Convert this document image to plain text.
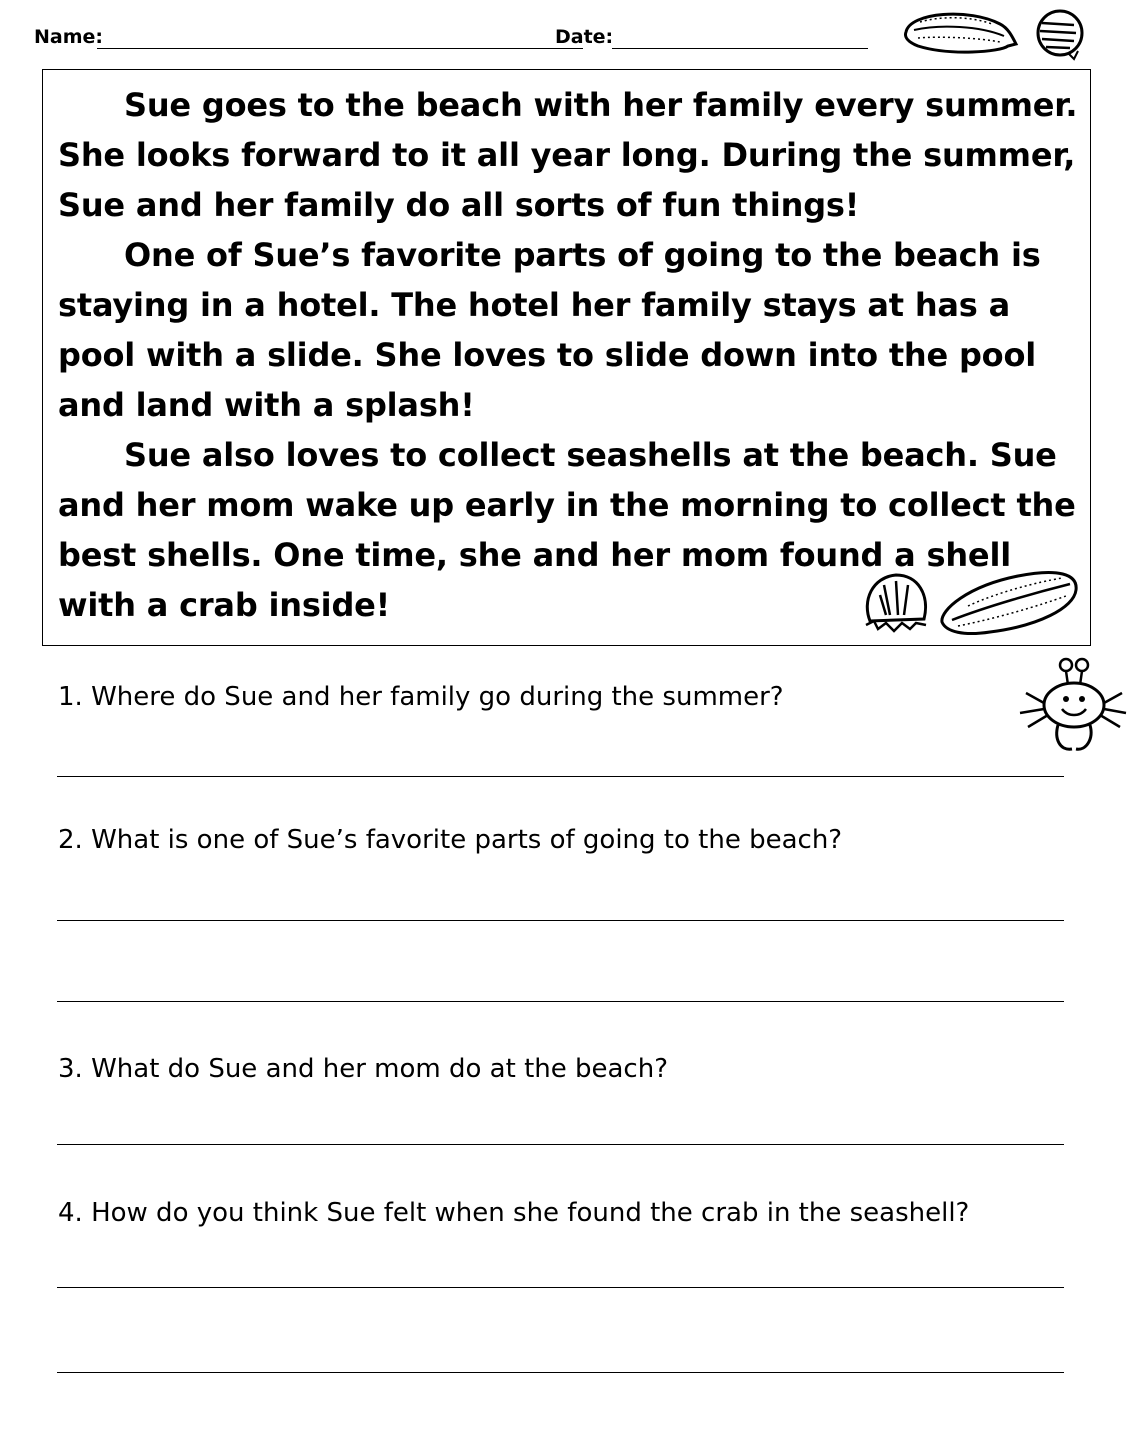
Name:	Date:

Sue goes to the beach with her family every summer. She looks forward to it all year long. During the summer, Sue and her family do all sorts of fun things!

One of Sue’s favorite parts of going to the beach is staying in a hotel. The hotel her family stays at has a pool with a slide. She loves to slide down into the pool and land with a splash!

Sue also loves to collect seashells at the beach. Sue and her mom wake up early in the morning to collect the best shells. One time, she and her mom found a shell with a crab inside!

1. Where do Sue and her family go during the summer?
2. What is one of Sue’s favorite parts of going to the beach?
3. What do Sue and her mom do at the beach?
4. How do you think Sue felt when she found the crab in the seashell?
